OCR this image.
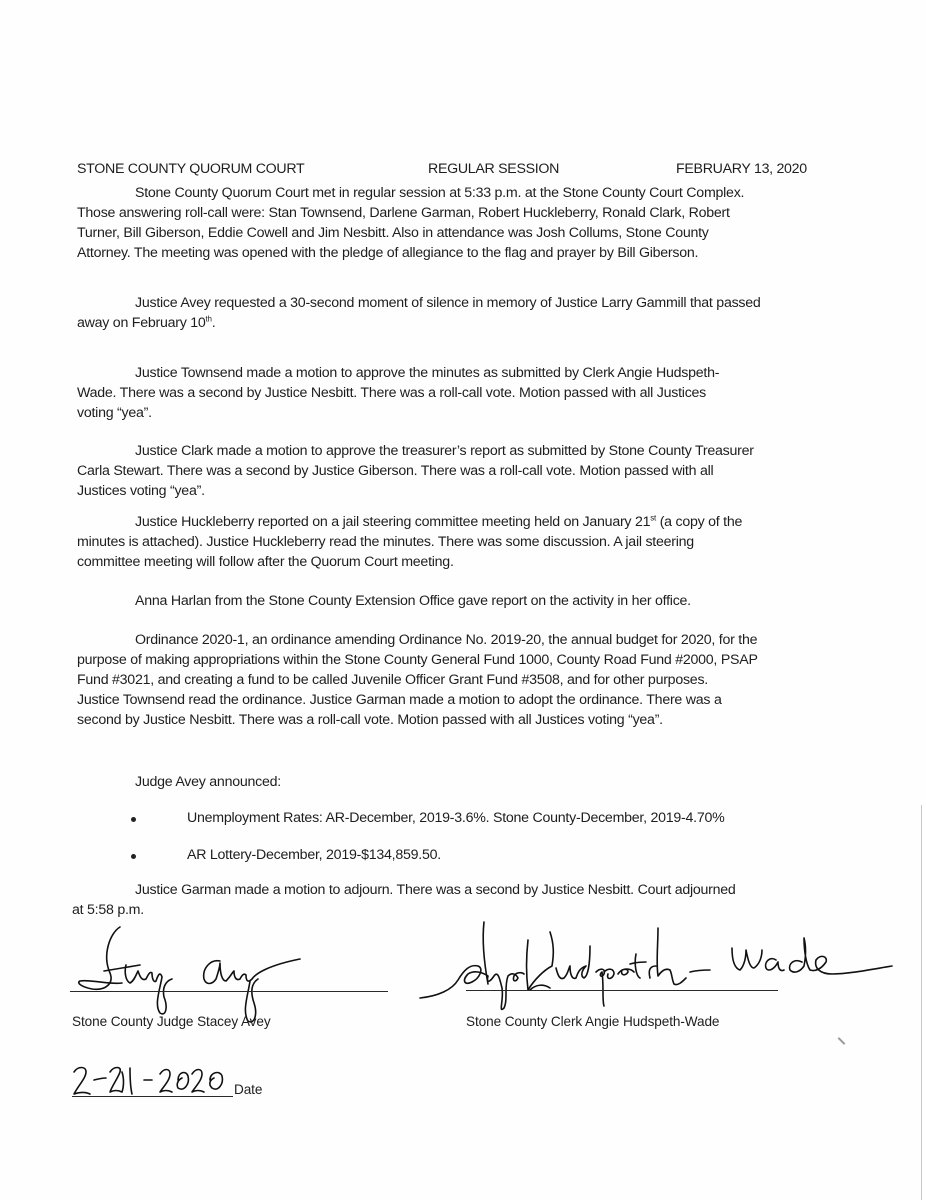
STONE COUNTY QUORUM COURT	REGULAR SESSION	FEBRUARY 13, 2020
Stone County Quorum Court met in regular session at 5:33 p.m. at the Stone County Court Complex.
Those answering roll-call were: Stan Townsend, Darlene Garman, Robert Huckleberry, Ronald Clark, Robert
Turner, Bill Giberson, Eddie Cowell and Jim Nesbitt. Also in attendance was Josh Collums, Stone County
Attorney. The meeting was opened with the pledge of allegiance to the flag and prayer by Bill Giberson.
Justice Avey requested a 30-second moment of silence in memory of Justice Larry Gammill that passed
away on February 10th.
Justice Townsend made a motion to approve the minutes as submitted by Clerk Angie Hudspeth-
Wade. There was a second by Justice Nesbitt. There was a roll-call vote. Motion passed with all Justices
voting “yea”.
Justice Clark made a motion to approve the treasurer’s report as submitted by Stone County Treasurer
Carla Stewart. There was a second by Justice Giberson. There was a roll-call vote. Motion passed with all
Justices voting “yea”.
Justice Huckleberry reported on a jail steering committee meeting held on January 21st (a copy of the
minutes is attached). Justice Huckleberry read the minutes. There was some discussion. A jail steering
committee meeting will follow after the Quorum Court meeting.
Anna Harlan from the Stone County Extension Office gave report on the activity in her office.
Ordinance 2020-1, an ordinance amending Ordinance No. 2019-20, the annual budget for 2020, for the
purpose of making appropriations within the Stone County General Fund 1000, County Road Fund #2000, PSAP
Fund #3021, and creating a fund to be called Juvenile Officer Grant Fund #3508, and for other purposes.
Justice Townsend read the ordinance. Justice Garman made a motion to adopt the ordinance. There was a
second by Justice Nesbitt. There was a roll-call vote. Motion passed with all Justices voting “yea”.
Judge Avey announced:
Unemployment Rates: AR-December, 2019-3.6%. Stone County-December, 2019-4.70%
AR Lottery-December, 2019-$134,859.50.
Justice Garman made a motion to adjourn. There was a second by Justice Nesbitt. Court adjourned
at 5:58 p.m.
Stone County Judge Stacey Avey	Stone County Clerk Angie Hudspeth-Wade
Date
